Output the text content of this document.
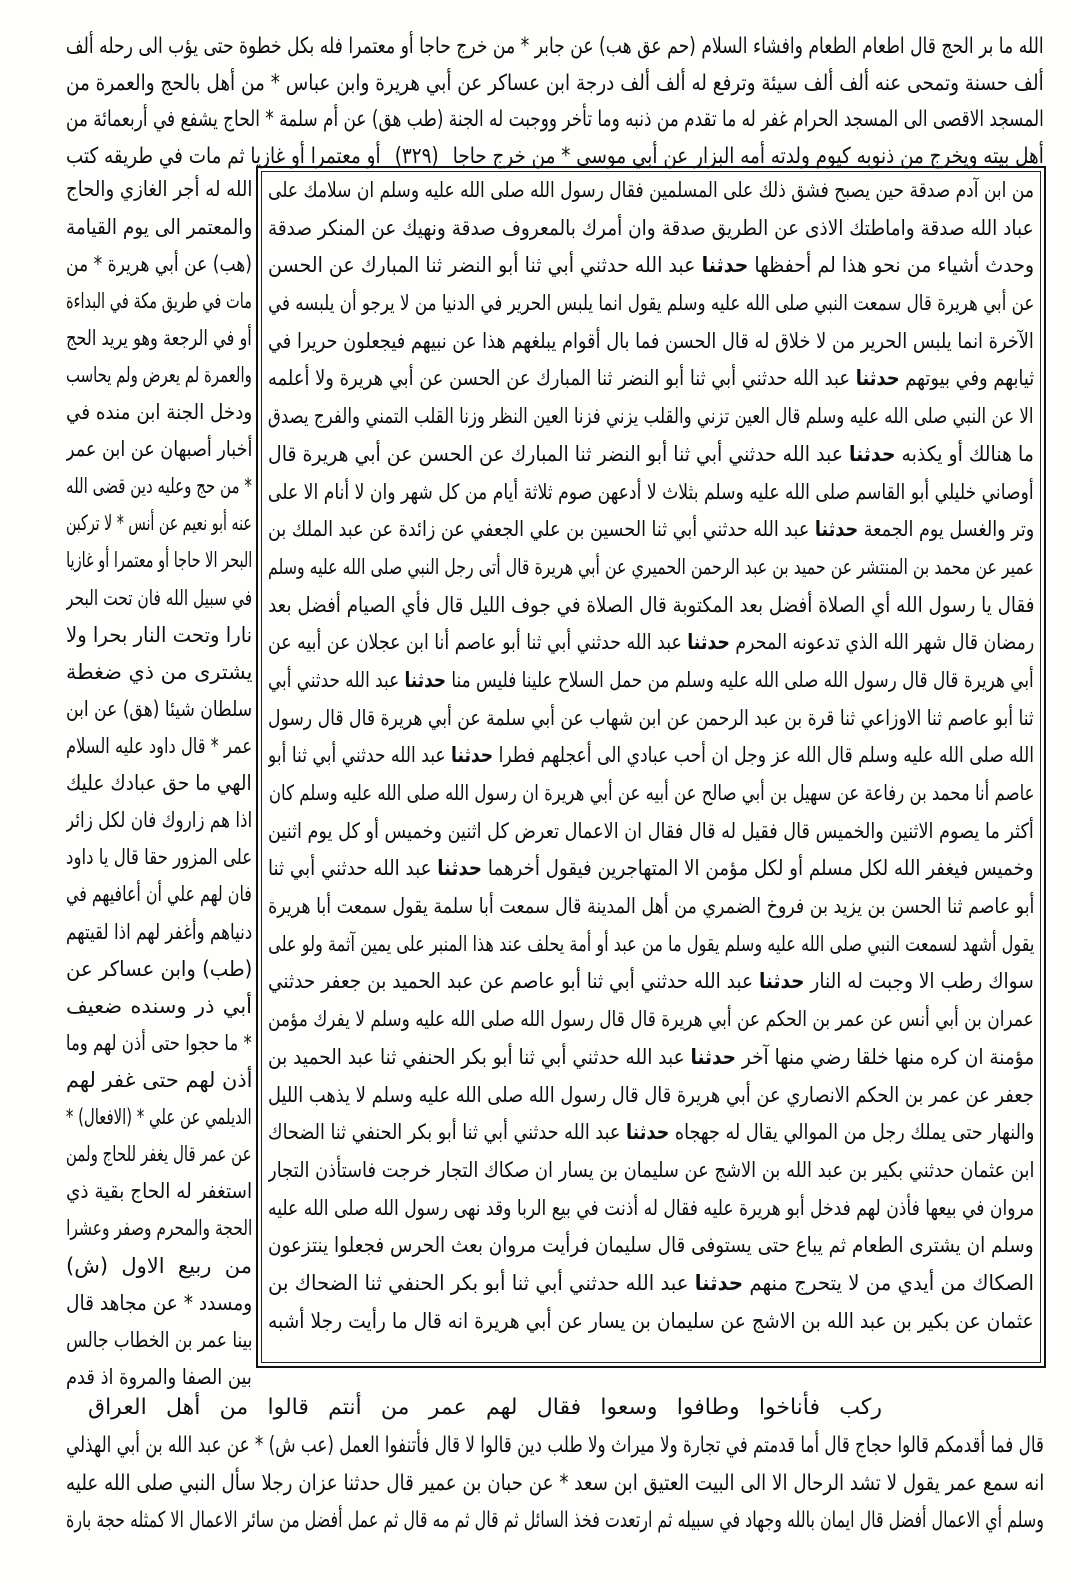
الله ما بر الحج قال اطعام الطعام وافشاء السلام (حم عق هب) عن جابر * من خرج حاجا أو معتمرا فله بكل خطوة حتى يؤب الى رحله ألف
ألف حسنة وتمحى عنه ألف ألف سيئة وترفع له ألف ألف درجة ابن عساكر عن أبي هريرة وابن عباس * من أهل بالحج والعمرة من
المسجد الاقصى الى المسجد الحرام غفر له ما تقدم من ذنبه وما تأخر ووجبت له الجنة (طب هق) عن أم سلمة * الحاج يشفع في أربعمائة من
أهل بيته ويخرج من ذنوبه كيوم ولدته أمه البزار عن أبي موسى * من خرج حاجا (٣٢٩) أو معتمرا أو غازيا ثم مات في طريقه كتب
من ابن آدم صدقة حين يصبح فشق ذلك على المسلمين فقال رسول الله صلى الله عليه وسلم ان سلامك على
عباد الله صدقة واماطتك الاذى عن الطريق صدقة وان أمرك بالمعروف صدقة ونهيك عن المنكر صدقة
وحدث أشياء من نحو هذا لم أحفظها حدثنا عبد الله حدثني أبي ثنا أبو النضر ثنا المبارك عن الحسن
عن أبي هريرة قال سمعت النبي صلى الله عليه وسلم يقول انما يلبس الحرير في الدنيا من لا يرجو أن يلبسه في
الآخرة انما يلبس الحرير من لا خلاق له قال الحسن فما بال أقوام يبلغهم هذا عن نبيهم فيجعلون حريرا في
ثيابهم وفي بيوتهم حدثنا عبد الله حدثني أبي ثنا أبو النضر ثنا المبارك عن الحسن عن أبي هريرة ولا أعلمه
الا عن النبي صلى الله عليه وسلم قال العين تزني والقلب يزني فزنا العين النظر وزنا القلب التمني والفرج يصدق
ما هنالك أو يكذبه حدثنا عبد الله حدثني أبي ثنا أبو النضر ثنا المبارك عن الحسن عن أبي هريرة قال
أوصاني خليلي أبو القاسم صلى الله عليه وسلم بثلاث لا أدعهن صوم ثلاثة أيام من كل شهر وان لا أنام الا على
وتر والغسل يوم الجمعة حدثنا عبد الله حدثني أبي ثنا الحسين بن علي الجعفي عن زائدة عن عبد الملك بن
عمير عن محمد بن المنتشر عن حميد بن عبد الرحمن الحميري عن أبي هريرة قال أتى رجل النبي صلى الله عليه وسلم
فقال يا رسول الله أي الصلاة أفضل بعد المكتوبة قال الصلاة في جوف الليل قال فأي الصيام أفضل بعد
رمضان قال شهر الله الذي تدعونه المحرم حدثنا عبد الله حدثني أبي ثنا أبو عاصم أنا ابن عجلان عن أبيه عن
أبي هريرة قال قال رسول الله صلى الله عليه وسلم من حمل السلاح علينا فليس منا حدثنا عبد الله حدثني أبي
ثنا أبو عاصم ثنا الاوزاعي ثنا قرة بن عبد الرحمن عن ابن شهاب عن أبي سلمة عن أبي هريرة قال قال رسول
الله صلى الله عليه وسلم قال الله عز وجل ان أحب عبادي الى أعجلهم فطرا حدثنا عبد الله حدثني أبي ثنا أبو
عاصم أنا محمد بن رفاعة عن سهيل بن أبي صالح عن أبيه عن أبي هريرة ان رسول الله صلى الله عليه وسلم كان
أكثر ما يصوم الاثنين والخميس قال فقيل له قال فقال ان الاعمال تعرض كل اثنين وخميس أو كل يوم اثنين
وخميس فيغفر الله لكل مسلم أو لكل مؤمن الا المتهاجرين فيقول أخرهما حدثنا عبد الله حدثني أبي ثنا
أبو عاصم ثنا الحسن بن يزيد بن فروخ الضمري من أهل المدينة قال سمعت أبا سلمة يقول سمعت أبا هريرة
يقول أشهد لسمعت النبي صلى الله عليه وسلم يقول ما من عبد أو أمة يحلف عند هذا المنبر على يمين آثمة ولو على
سواك رطب الا وجبت له النار حدثنا عبد الله حدثني أبي ثنا أبو عاصم عن عبد الحميد بن جعفر حدثني
عمران بن أبي أنس عن عمر بن الحكم عن أبي هريرة قال قال رسول الله صلى الله عليه وسلم لا يفرك مؤمن
مؤمنة ان كره منها خلقا رضي منها آخر حدثنا عبد الله حدثني أبي ثنا أبو بكر الحنفي ثنا عبد الحميد بن
جعفر عن عمر بن الحكم الانصاري عن أبي هريرة قال قال رسول الله صلى الله عليه وسلم لا يذهب الليل
والنهار حتى يملك رجل من الموالي يقال له جهجاه حدثنا عبد الله حدثني أبي ثنا أبو بكر الحنفي ثنا الضحاك
ابن عثمان حدثني بكير بن عبد الله بن الاشج عن سليمان بن يسار ان صكاك التجار خرجت فاستأذن التجار
مروان في بيعها فأذن لهم فدخل أبو هريرة عليه فقال له أذنت في بيع الربا وقد نهى رسول الله صلى الله عليه
وسلم ان يشترى الطعام ثم يباع حتى يستوفى قال سليمان فرأيت مروان بعث الحرس فجعلوا ينتزعون
الصكاك من أيدي من لا يتحرج منهم حدثنا عبد الله حدثني أبي ثنا أبو بكر الحنفي ثنا الضحاك بن
عثمان عن بكير بن عبد الله بن الاشج عن سليمان بن يسار عن أبي هريرة انه قال ما رأيت رجلا أشبه
الله له أجر الغازي والحاج
والمعتمر الى يوم القيامة
(هب) عن أبي هريرة * من
مات في طريق مكة في البداءة
أو في الرجعة وهو يريد الحج
والعمرة لم يعرض ولم يحاسب
ودخل الجنة ابن منده في
أخبار أصبهان عن ابن عمر
* من حج وعليه دين قضى الله
عنه أبو نعيم عن أنس * لا تركبن
البحر الا حاجا أو معتمرا أو غازيا
في سبيل الله فان تحت البحر
نارا وتحت النار بحرا ولا
يشترى من ذي ضغطة
سلطان شيئا (هق) عن ابن
عمر * قال داود عليه السلام
الهي ما حق عبادك عليك
اذا هم زاروك فان لكل زائر
على المزور حقا قال يا داود
فان لهم علي أن أعافيهم في
دنياهم وأغفر لهم اذا لقيتهم
(طب) وابن عساكر عن
أبي ذر وسنده ضعيف
* ما حجوا حتى أذن لهم وما
أذن لهم حتى غفر لهم
الديلمي عن علي * (الافعال) *
عن عمر قال يغفر للحاج ولمن
استغفر له الحاج بقية ذي
الحجة والمحرم وصفر وعشرا
من ربيع الاول (ش)
ومسدد * عن مجاهد قال
بينا عمر بن الخطاب جالس
بين الصفا والمروة اذ قدم
ركب فأناخوا وطافوا وسعوا فقال لهم عمر من أنتم قالوا من أهل العراق
قال فما أقدمكم قالوا حجاج قال أما قدمتم في تجارة ولا ميراث ولا طلب دين قالوا لا قال فأتنفوا العمل (عب ش) * عن عبد الله بن أبي الهذلي
انه سمع عمر يقول لا تشد الرحال الا الى البيت العتيق ابن سعد * عن حبان بن عمير قال حدثنا عزان رجلا سأل النبي صلى الله عليه
وسلم أي الاعمال أفضل قال ايمان بالله وجهاد في سبيله ثم ارتعدت فخذ السائل ثم قال ثم مه قال ثم عمل أفضل من سائر الاعمال الا كمثله حجة بارة
